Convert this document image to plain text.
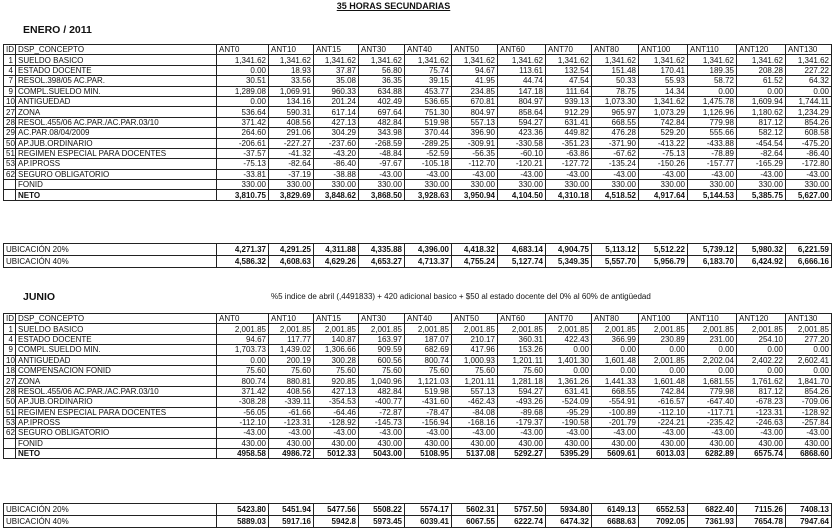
35 HORAS SECUNDARIAS
ENERO / 2011
ID	DSP_CONCEPTO	ANT0	ANT10	ANT15	ANT30	ANT40	ANT50	ANT60	ANT70	ANT80	ANT100	ANT110	ANT120	ANT130
1	SUELDO BASICO	1,341.62	1,341.62	1,341.62	1,341.62	1,341.62	1,341.62	1,341.62	1,341.62	1,341.62	1,341.62	1,341.62	1,341.62	1,341.62
4	ESTADO DOCENTE	0.00	18.93	37.87	56.80	75.74	94.67	113.61	132.54	151.48	170.41	189.35	208.28	227.22
7	RESOL.398/05 AC.PAR.	30.51	33.56	35.08	36.35	39.15	41.95	44.74	47.54	50.33	55.93	58.72	61.52	64.32
9	COMPL.SUELDO MIN.	1,289.08	1,069.91	960.33	634.88	453.77	234.85	147.18	111.64	78.75	14.34	0.00	0.00	0.00
10	ANTIGUEDAD	0.00	134.16	201.24	402.49	536.65	670.81	804.97	939.13	1,073.30	1,341.62	1,475.78	1,609.94	1,744.11
27	ZONA	536.64	590.31	617.14	697.64	751.30	804.97	858.64	912.29	965.97	1,073.29	1,126.96	1,180.62	1,234.29
28	RESOL.455/06 AC.PAR./AC.PAR.03/10	371.42	408.56	427.13	482.84	519.98	557.13	594.27	631.41	668.55	742.84	779.98	817.12	854.26
29	AC.PAR.08/04/2009	264.60	291.06	304.29	343.98	370.44	396.90	423.36	449.82	476.28	529.20	555.66	582.12	608.58
50	AP.JUB.ORDINARIO	-206.61	-227.27	-237.60	-268.59	-289.25	-309.91	-330.58	-351.23	-371.90	-413.22	-433.88	-454.54	-475.20
51	REGIMEN ESPECIAL PARA DOCENTES	-37.57	-41.32	-43.20	-48.84	-52.59	-56.35	-60.10	-63.86	-67.62	-75.13	-78.89	-82.64	-86.40
53	AP.IPROSS	-75.13	-82.64	-86.40	-97.67	-105.18	-112.70	-120.21	-127.72	-135.24	-150.26	-157.77	-165.29	-172.80
62	SEGURO OBLIGATORIO	-33.81	-37.19	-38.88	-43.00	-43.00	-43.00	-43.00	-43.00	-43.00	-43.00	-43.00	-43.00	-43.00
	FONID	330.00	330.00	330.00	330.00	330.00	330.00	330.00	330.00	330.00	330.00	330.00	330.00	330.00
	NETO	3,810.75	3,829.69	3,848.62	3,868.50	3,928.63	3,950.94	4,104.50	4,310.18	4,518.52	4,917.64	5,144.53	5,385.75	5,627.00
UBICACIÓN 20%	4,271.37	4,291.25	4,311.88	4,335.88	4,396.00	4,418.32	4,683.14	4,904.75	5,113.12	5,512.22	5,739.12	5,980.32	6,221.59
UBICACIÓN 40%	4,586.32	4,608.63	4,629.26	4,653.27	4,713.37	4,755.24	5,127.74	5,349.35	5,557.70	5,956.79	6,183.70	6,424.92	6,666.16
JUNIO	%5 indice de abril (,4491833) + 420 adicional basico + $50 al estado docente del 0% al 60% de antigüedad
ID	DSP_CONCEPTO	ANT0	ANT10	ANT15	ANT30	ANT40	ANT50	ANT60	ANT70	ANT80	ANT100	ANT110	ANT120	ANT130
1	SUELDO BASICO	2,001.85	2,001.85	2,001.85	2,001.85	2,001.85	2,001.85	2,001.85	2,001.85	2,001.85	2,001.85	2,001.85	2,001.85	2,001.85
4	ESTADO DOCENTE	94.67	117.77	140.87	163.97	187.07	210.17	360.31	422.43	366.99	230.89	231.00	254.10	277.20
9	COMPL.SUELDO MIN.	1,703.73	1,439.02	1,306.66	909.59	682.69	417.96	153.26	0.00	0.00	0.00	0.00	0.00	0.00
10	ANTIGUEDAD	0.00	200.19	300.28	600.56	800.74	1,000.93	1,201.11	1,401.30	1,601.48	2,001.85	2,202.04	2,402.22	2,602.41
18	COMPENSACION FONID	75.60	75.60	75.60	75.60	75.60	75.60	75.60	0.00	0.00	0.00	0.00	0.00	0.00
27	ZONA	800.74	880.81	920.85	1,040.96	1,121.03	1,201.11	1,281.18	1,361.26	1,441.33	1,601.48	1,681.55	1,761.62	1,841.70
28	RESOL.455/06 AC.PAR./AC.PAR.03/10	371.42	408.56	427.13	482.84	519.98	557.13	594.27	631.41	668.55	742.84	779.98	817.12	854.26
50	AP.JUB.ORDINARIO	-308.28	-339.11	-354.53	-400.77	-431.60	-462.43	-493.26	-524.09	-554.91	-616.57	-647.40	-678.23	-709.06
51	REGIMEN ESPECIAL PARA DOCENTES	-56.05	-61.66	-64.46	-72.87	-78.47	-84.08	-89.68	-95.29	-100.89	-112.10	-117.71	-123.31	-128.92
53	AP.IPROSS	-112.10	-123.31	-128.92	-145.73	-156.94	-168.16	-179.37	-190.58	-201.79	-224.21	-235.42	-246.63	-257.84
62	SEGURO OBLIGATORIO	-43.00	-43.00	-43.00	-43.00	-43.00	-43.00	-43.00	-43.00	-43.00	-43.00	-43.00	-43.00	-43.00
	FONID	430.00	430.00	430.00	430.00	430.00	430.00	430.00	430.00	430.00	430.00	430.00	430.00	430.00
	NETO	4958.58	4986.72	5012.33	5043.00	5108.95	5137.08	5292.27	5395.29	5609.61	6013.03	6282.89	6575.74	6868.60
UBICACIÓN 20%	5423.80	5451.94	5477.56	5508.22	5574.17	5602.31	5757.50	5934.80	6149.13	6552.53	6822.40	7115.26	7408.13
UBICACIÓN 40%	5889.03	5917.16	5942.8	5973.45	6039.41	6067.55	6222.74	6474.32	6688.63	7092.05	7361.93	7654.78	7947.64
